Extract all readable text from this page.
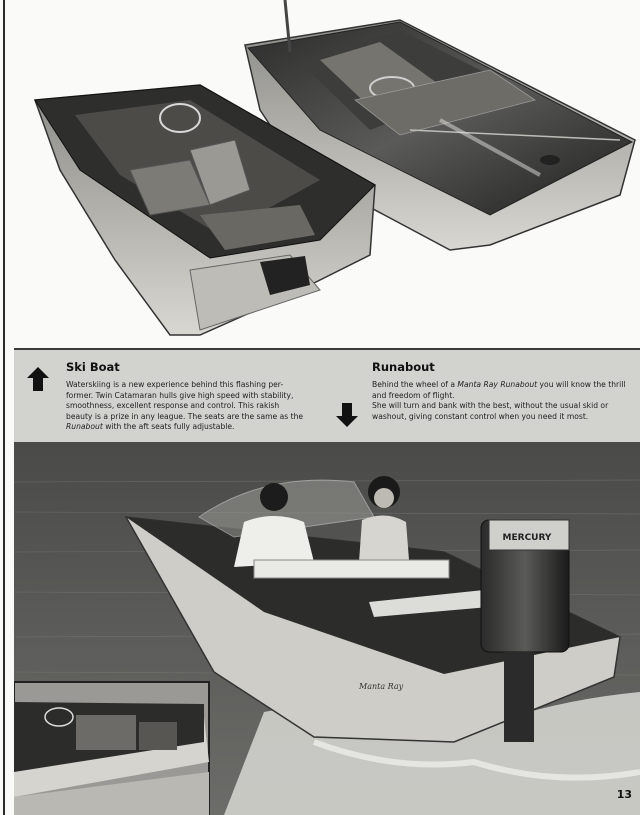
Ski Boat

Waterskiing is a new experience behind this flashing per-former. Twin Catamaran hulls give high speed with stability, smoothness, excellent response and control. This rakish beauty is a prize in any league. The seats are the same as the Runabout with the aft seats fully adjustable.

Runabout

Behind the wheel of a Manta Ray Runabout you will know the thrill and freedom of flight.

She will turn and bank with the best, without the usual skid or washout, giving constant control when you need it most.

MERCURY
Manta Ray
13
